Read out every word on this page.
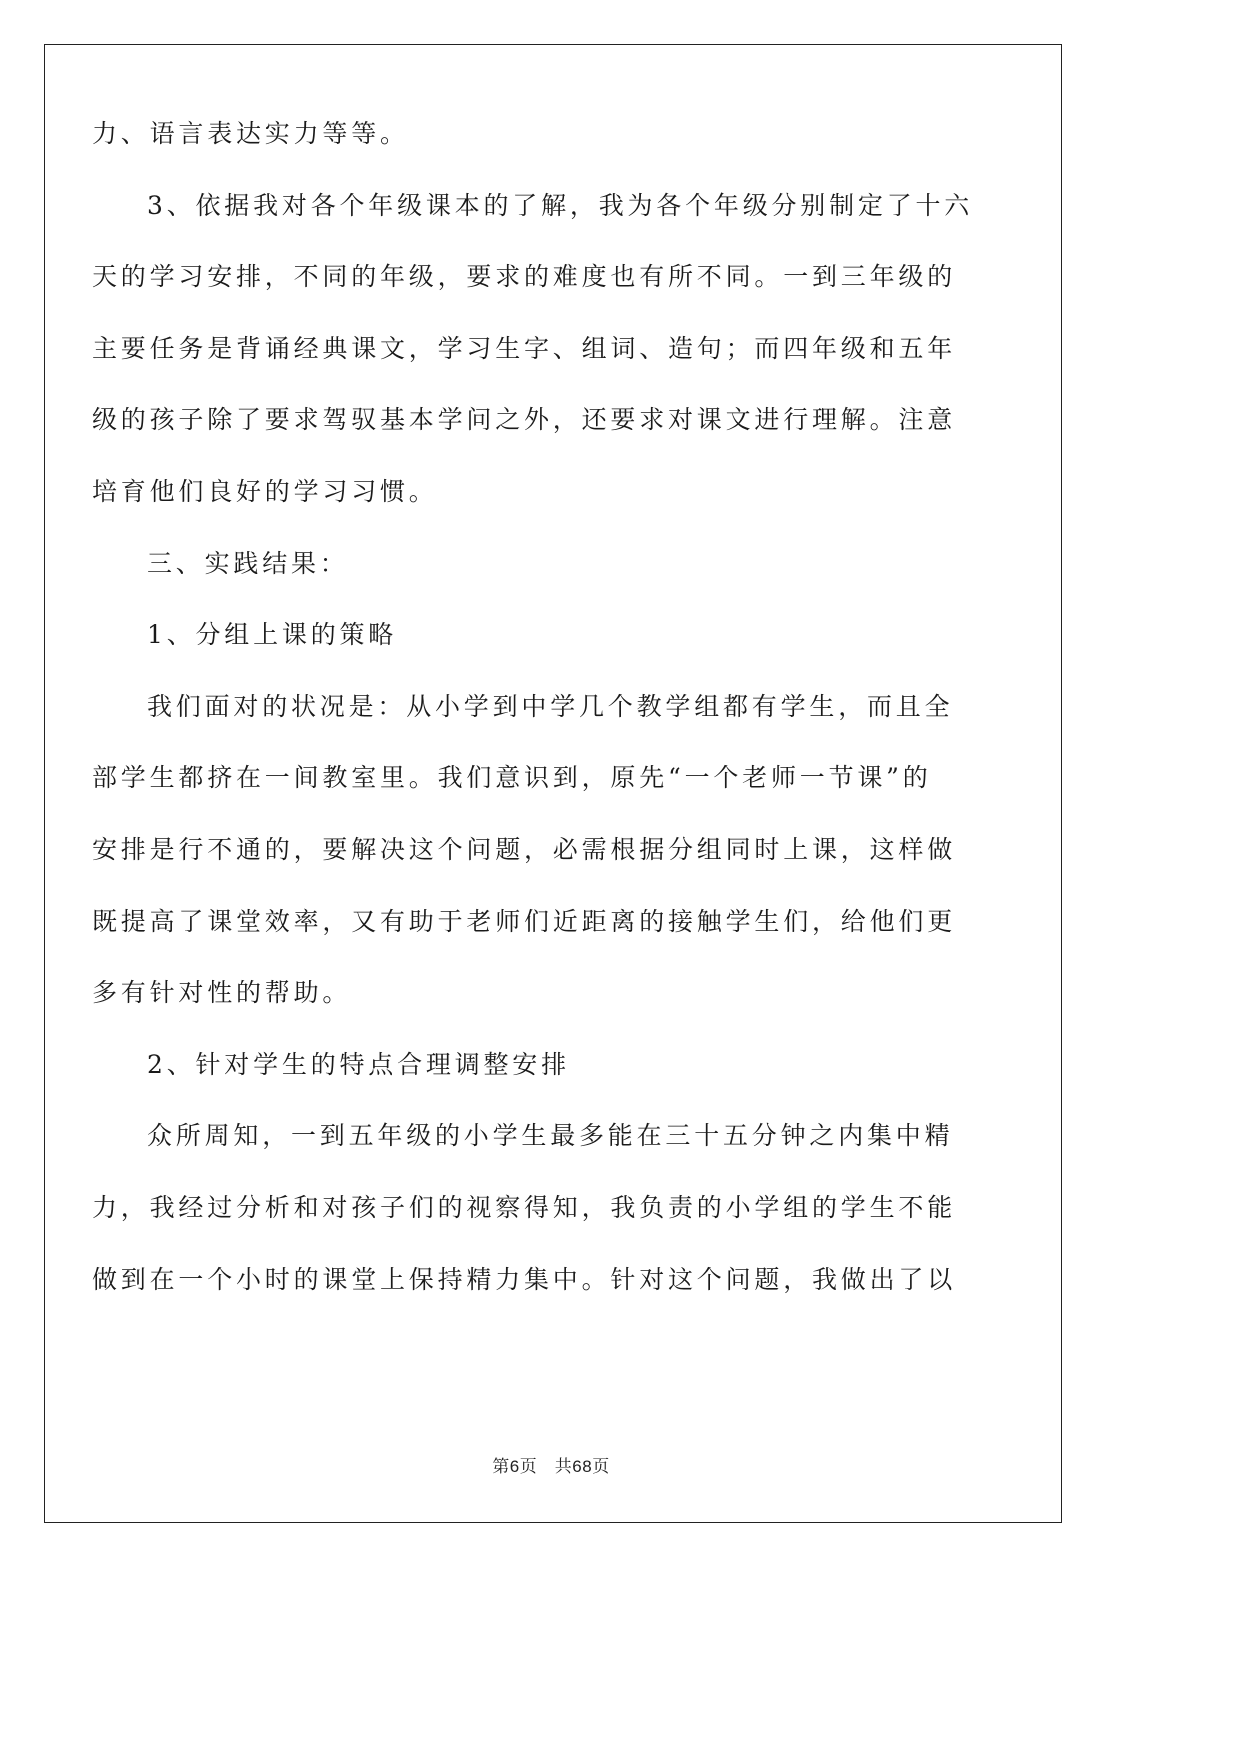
力、语言表达实力等等。
3、依据我对各个年级课本的了解，我为各个年级分别制定了十六
天的学习安排，不同的年级，要求的难度也有所不同。一到三年级的
主要任务是背诵经典课文，学习生字、组词、造句；而四年级和五年
级的孩子除了要求驾驭基本学问之外，还要求对课文进行理解。注意
培育他们良好的学习习惯。
三、实践结果：
1、分组上课的策略
我们面对的状况是：从小学到中学几个教学组都有学生，而且全
部学生都挤在一间教室里。我们意识到，原先“一个老师一节课”的
安排是行不通的，要解决这个问题，必需根据分组同时上课，这样做
既提高了课堂效率，又有助于老师们近距离的接触学生们，给他们更
多有针对性的帮助。
2、针对学生的特点合理调整安排
众所周知，一到五年级的小学生最多能在三十五分钟之内集中精
力，我经过分析和对孩子们的视察得知，我负责的小学组的学生不能
做到在一个小时的课堂上保持精力集中。针对这个问题，我做出了以
第6页　共68页
